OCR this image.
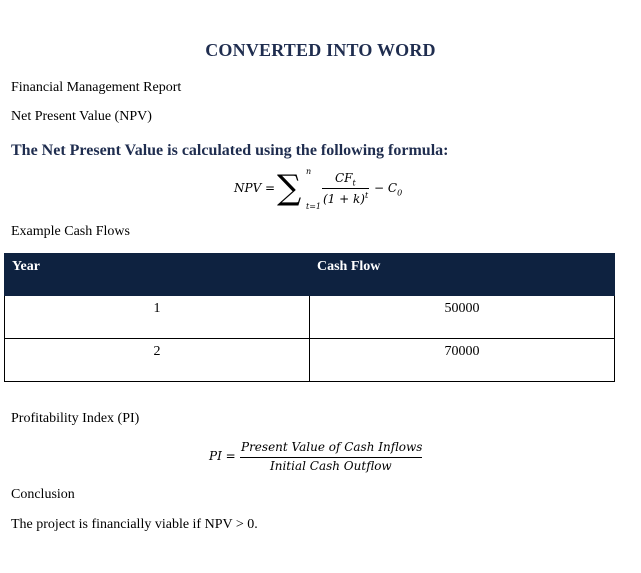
CONVERTED INTO WORD
Financial Management Report
Net Present Value (NPV)
The Net Present Value is calculated using the following formula:
NPV = ∑ n
t=1
$CF_t$
$(1 + k)^t$
− $C_0$
Example Cash Flows
Year	Cash Flow
1	50000
2	70000
Profitability Index (PI)
PI =
Present Value of Cash Inflows
Initial Cash Outflow
Conclusion
The project is financially viable if NPV > 0.
